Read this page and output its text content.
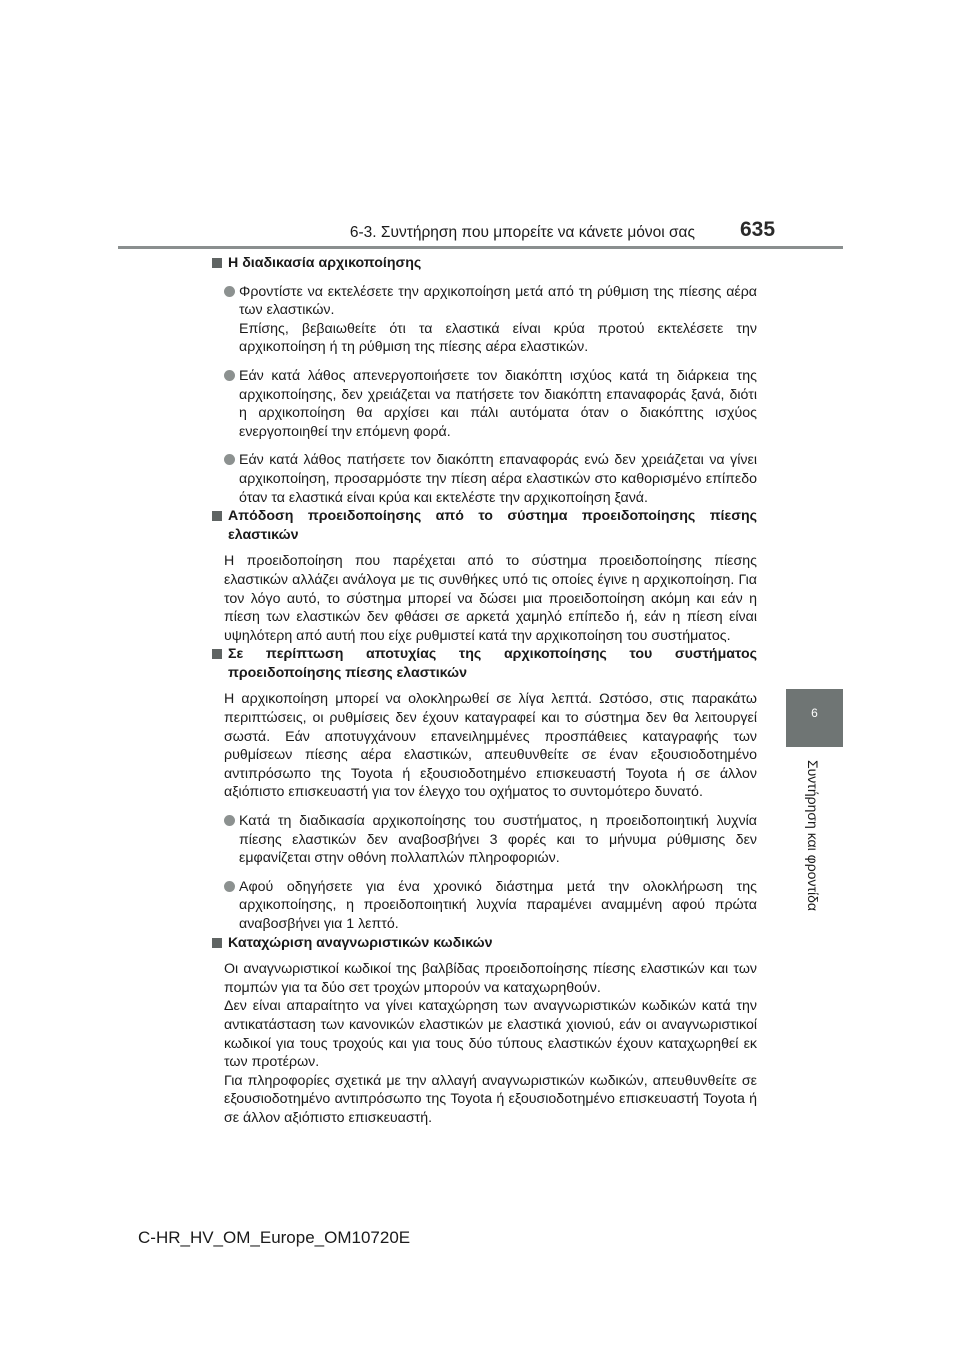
6-3. Συντήρηση που μπορείτε να κάνετε μόνοι σας 635
6
Συντήρηση και φροντίδα
Η διαδικασία αρχικοποίησης
Φροντίστε να εκτελέσετε την αρχικοποίηση μετά από τη ρύθμιση της πίεσης αέρα των ελαστικών.
Επίσης, βεβαιωθείτε ότι τα ελαστικά είναι κρύα προτού εκτελέσετε την αρχικοποίηση ή τη ρύθμιση της πίεσης αέρα ελαστικών.
Εάν κατά λάθος απενεργοποιήσετε τον διακόπτη ισχύος κατά τη διάρκεια της αρχικοποίησης, δεν χρειάζεται να πατήσετε τον διακόπτη επαναφοράς ξανά, διότι η αρχικοποίηση θα αρχίσει και πάλι αυτόματα όταν ο διακόπτης ισχύος ενεργοποιηθεί την επόμενη φορά.
Εάν κατά λάθος πατήσετε τον διακόπτη επαναφοράς ενώ δεν χρειάζεται να γίνει αρχικοποίηση, προσαρμόστε την πίεση αέρα ελαστικών στο καθορισμένο επίπεδο όταν τα ελαστικά είναι κρύα και εκτελέστε την αρχικοποίηση ξανά.
Απόδοση προειδοποίησης από το σύστημα προειδοποίησης πίεσης ελαστικών
Η προειδοποίηση που παρέχεται από το σύστημα προειδοποίησης πίεσης ελαστικών αλλάζει ανάλογα με τις συνθήκες υπό τις οποίες έγινε η αρχικοποίηση. Για τον λόγο αυτό, το σύστημα μπορεί να δώσει μια προειδοποίηση ακόμη και εάν η πίεση των ελαστικών δεν φθάσει σε αρκετά χαμηλό επίπεδο ή, εάν η πίεση είναι υψηλότερη από αυτή που είχε ρυθμιστεί κατά την αρχικοποίηση του συστήματος.
Σε περίπτωση αποτυχίας της αρχικοποίησης του συστήματος προειδοποίησης πίεσης ελαστικών
Η αρχικοποίηση μπορεί να ολοκληρωθεί σε λίγα λεπτά. Ωστόσο, στις παρακάτω περιπτώσεις, οι ρυθμίσεις δεν έχουν καταγραφεί και το σύστημα δεν θα λειτουργεί σωστά. Εάν αποτυγχάνουν επανειλημμένες προσπάθειες καταγραφής των ρυθμίσεων πίεσης αέρα ελαστικών, απευθυνθείτε σε έναν εξουσιοδοτημένο αντιπρόσωπο της Toyota ή εξουσιοδοτημένο επισκευαστή Toyota ή σε άλλον αξιόπιστο επισκευαστή για τον έλεγχο του οχήματος το συντομότερο δυνατό.
Κατά τη διαδικασία αρχικοποίησης του συστήματος, η προειδοποιητική λυχνία πίεσης ελαστικών δεν αναβοσβήνει 3 φορές και το μήνυμα ρύθμισης δεν εμφανίζεται στην οθόνη πολλαπλών πληροφοριών.
Αφού οδηγήσετε για ένα χρονικό διάστημα μετά την ολοκλήρωση της αρχικοποίησης, η προειδοποιητική λυχνία παραμένει αναμμένη αφού πρώτα αναβοσβήνει για 1 λεπτό.
Καταχώριση αναγνωριστικών κωδικών
Οι αναγνωριστικοί κωδικοί της βαλβίδας προειδοποίησης πίεσης ελαστικών και των πομπών για τα δύο σετ τροχών μπορούν να καταχωρηθούν.
Δεν είναι απαραίτητο να γίνει καταχώρηση των αναγνωριστικών κωδικών κατά την αντικατάσταση των κανονικών ελαστικών με ελαστικά χιονιού, εάν οι αναγνωριστικοί κωδικοί για τους τροχούς και για τους δύο τύπους ελαστικών έχουν καταχωρηθεί εκ των προτέρων.
Για πληροφορίες σχετικά με την αλλαγή αναγνωριστικών κωδικών, απευθυνθείτε σε εξουσιοδοτημένο αντιπρόσωπο της Toyota ή εξουσιοδοτημένο επισκευαστή Toyota ή σε άλλον αξιόπιστο επισκευαστή.
C-HR_HV_OM_Europe_OM10720E
